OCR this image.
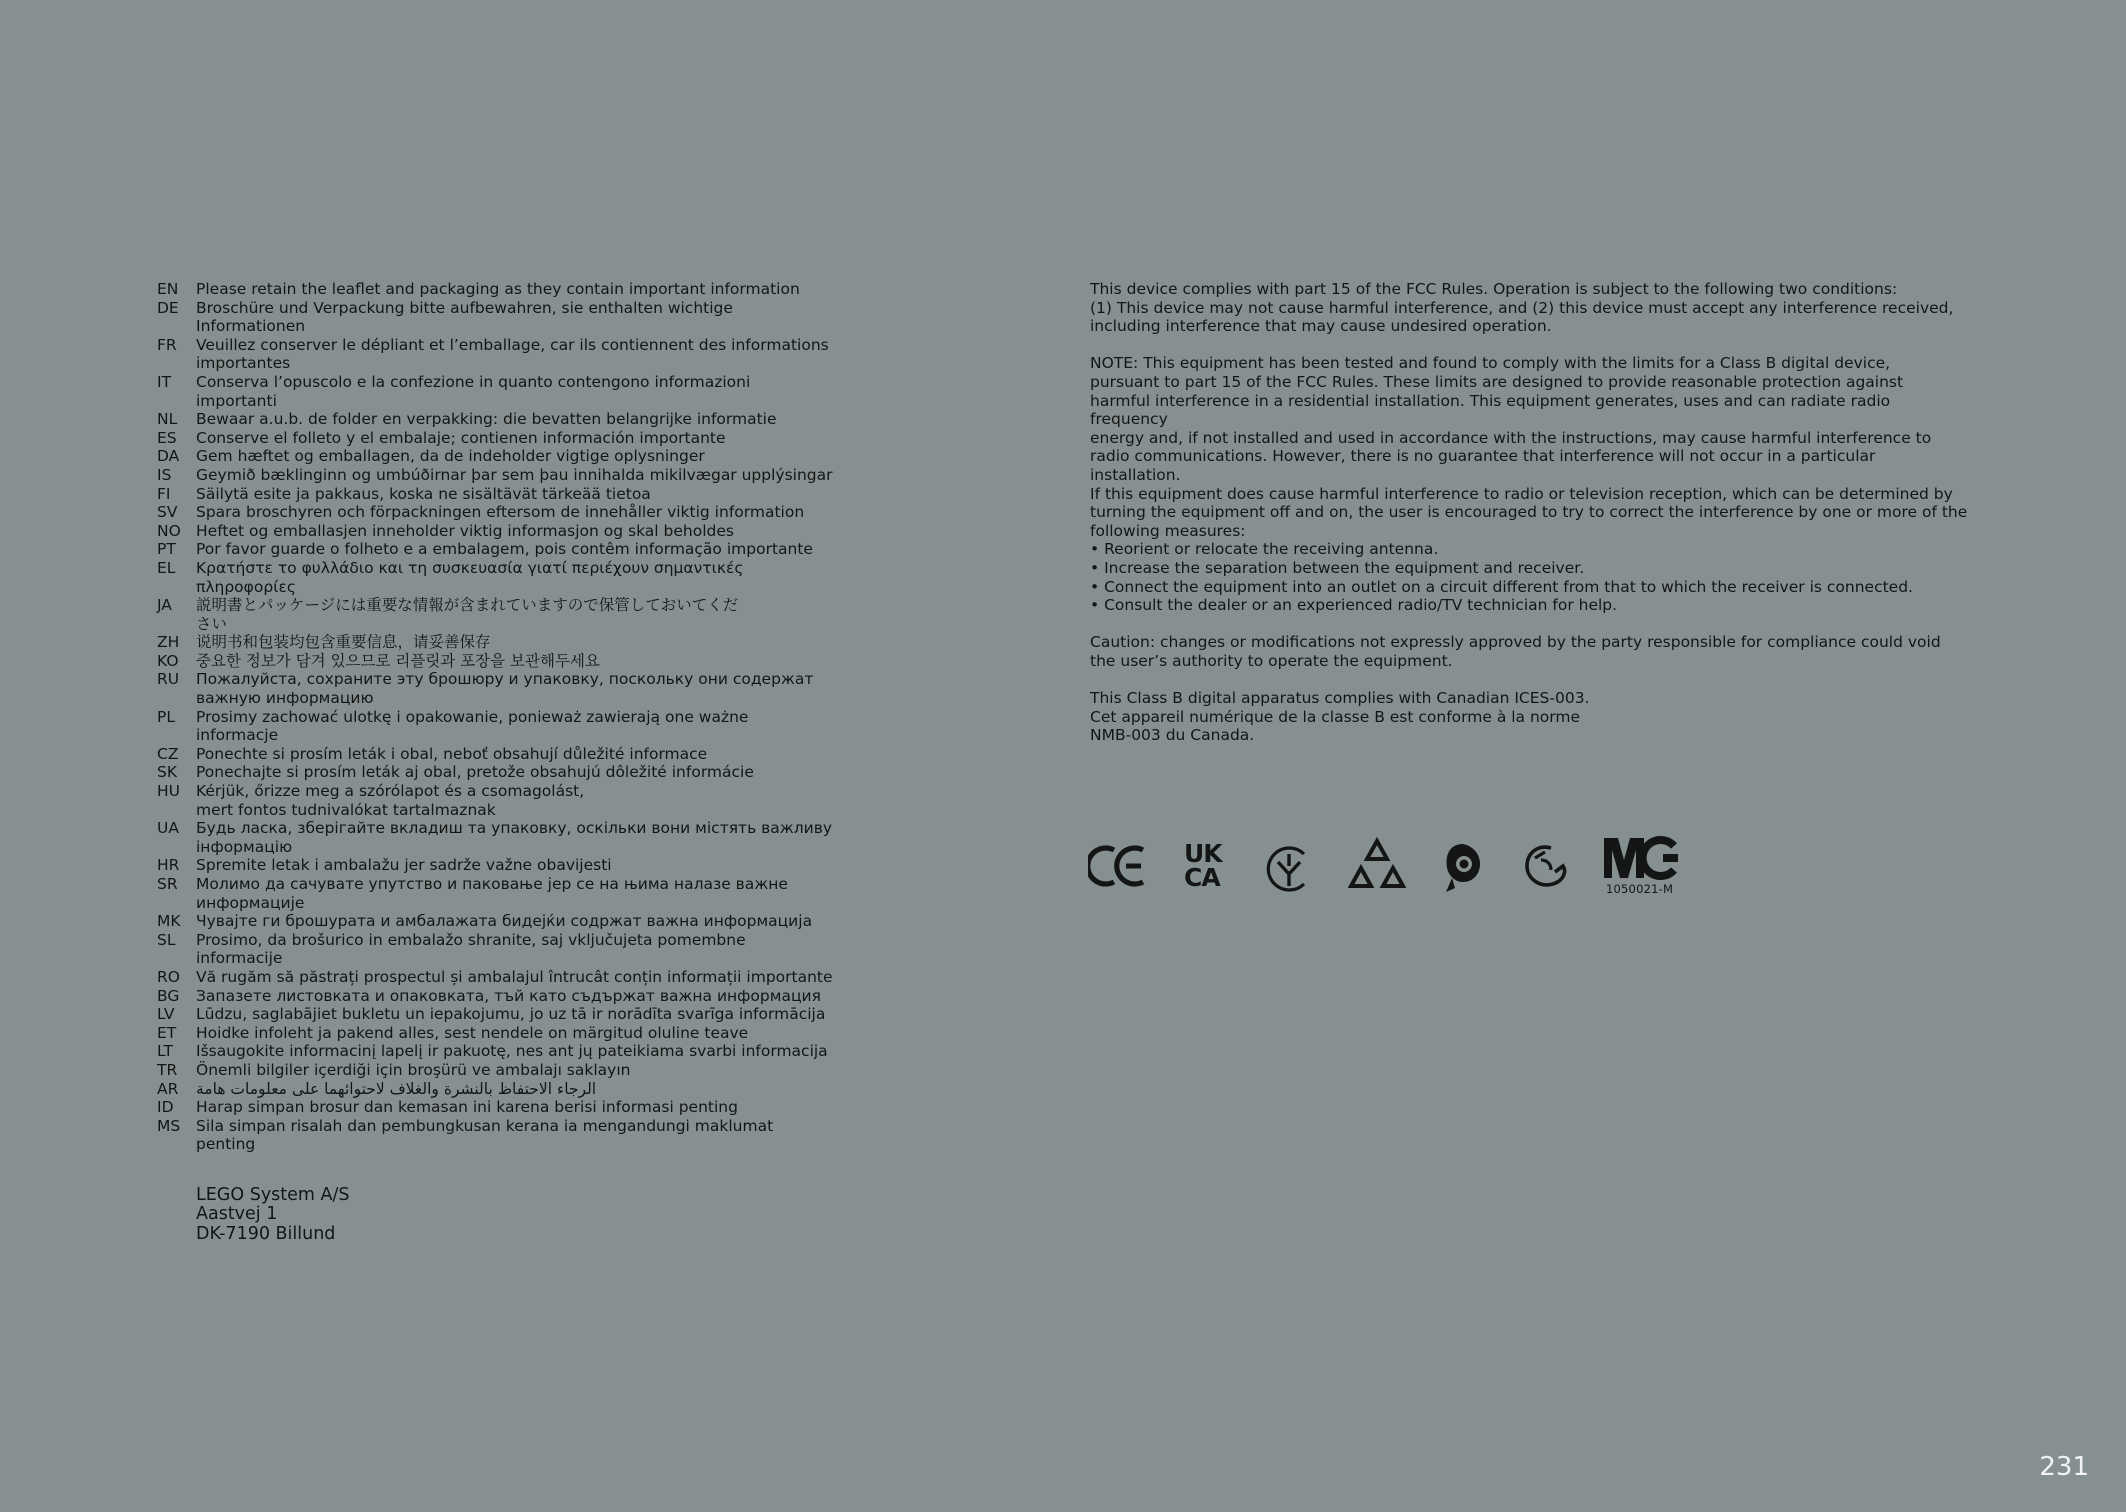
EN	Please retain the leaflet and packaging as they contain important information
DE	Broschüre und Verpackung bitte aufbewahren, sie enthalten wichtige
Informationen
FR	Veuillez conserver le dépliant et l’emballage, car ils contiennent des informations
importantes
IT	Conserva l’opuscolo e la confezione in quanto contengono informazioni
importanti
NL	Bewaar a.u.b. de folder en verpakking: die bevatten belangrijke informatie
ES	Conserve el folleto y el embalaje; contienen información importante
DA	Gem hæftet og emballagen, da de indeholder vigtige oplysninger
IS	Geymið bæklinginn og umbúðirnar þar sem þau innihalda mikilvægar upplýsingar
FI	Säilytä esite ja pakkaus, koska ne sisältävät tärkeää tietoa
SV	Spara broschyren och förpackningen eftersom de innehåller viktig information
NO Heftet og emballasjen inneholder viktig informasjon og skal beholdes
PT	Por favor guarde o folheto e a embalagem, pois contêm informação importante
EL	Κρατήστε το φυλλάδιο και τη συσκευασία γιατί περιέχουν σημαντικές
πληροφορίες
JA	説明書とパッケージには重要な情報が含まれていますので保管しておいてくだ
さい
ZH	说明书和包装均包含重要信息，请妥善保存
KO	중요한 정보가 담겨 있으므로 리플릿과 포장을 보관해두세요
RU	Пожалуйста, сохраните эту брошюру и упаковку, поскольку они содержат
важную информацию
PL	Prosimy zachować ulotkę i opakowanie, ponieważ zawierają one ważne
informacje
CZ	Ponechte si prosím leták i obal, neboť obsahují důležité informace
SK	Ponechajte si prosím leták aj obal, pretože obsahujú dôležité informácie
HU	Kérjük, őrizze meg a szórólapot és a csomagolást,
mert fontos tudnivalókat tartalmaznak
UA	Будь ласка, зберігайте вкладиш та упаковку, оскільки вони містять важливу
інформацію
HR	Spremite letak i ambalažu jer sadrže važne obavijesti
SR	Молимо да сачувате упутство и паковање јер се на њима налазе важне
информације
MK Чувајте ги брошурата и амбалажата бидејќи содржат важна информација
SL	Prosimo, da brošurico in embalažo shranite, saj vključujeta pomembne
informacije
RO	Vă rugăm să păstrați prospectul și ambalajul întrucât conțin informații importante
BG	Запазете листовката и опаковката, тъй като съдържат важна информация
LV	Lūdzu, saglabājiet bukletu un iepakojumu, jo uz tā ir norādīta svarīga informācija
ET	Hoidke infoleht ja pakend alles, sest nendele on märgitud oluline teave
LT	Išsaugokite informacinį lapelį ir pakuotę, nes ant jų pateikiama svarbi informacija
TR	Önemli bilgiler içerdiği için broşürü ve ambalajı saklayın
AR	الرجاء الاحتفاظ بالنشرة والغلاف لاحتوائهما على معلومات هامة
ID	Harap simpan brosur dan kemasan ini karena berisi informasi penting
MS	Sila simpan risalah dan pembungkusan kerana ia mengandungi maklumat
penting
LEGO System A/S
Aastvej 1
DK-7190 Billund

This device complies with part 15 of the FCC Rules. Operation is subject to the following two conditions:
(1) This device may not cause harmful interference, and (2) this device must accept any interference received,
including interference that may cause undesired operation.

NOTE: This equipment has been tested and found to comply with the limits for a Class B digital device,
pursuant to part 15 of the FCC Rules. These limits are designed to provide reasonable protection against
harmful interference in a residential installation. This equipment generates, uses and can radiate radio frequency
energy and, if not installed and used in accordance with the instructions, may cause harmful interference to
radio communications. However, there is no guarantee that interference will not occur in a particular installation.
If this equipment does cause harmful interference to radio or television reception, which can be determined by
turning the equipment off and on, the user is encouraged to try to correct the interference by one or more of the
following measures:

• Reorient or relocate the receiving antenna.
• Increase the separation between the equipment and receiver.
• Connect the equipment into an outlet on a circuit different from that to which the receiver is connected.
• Consult the dealer or an experienced radio/TV technician for help.

Caution: changes or modifications not expressly approved by the party responsible for compliance could void
the user’s authority to operate the equipment.

This Class B digital apparatus complies with Canadian ICES-003.
Cet appareil numérique de la classe B est conforme à la norme
NMB-003 du Canada.

UK
CA	1050021-M
231
